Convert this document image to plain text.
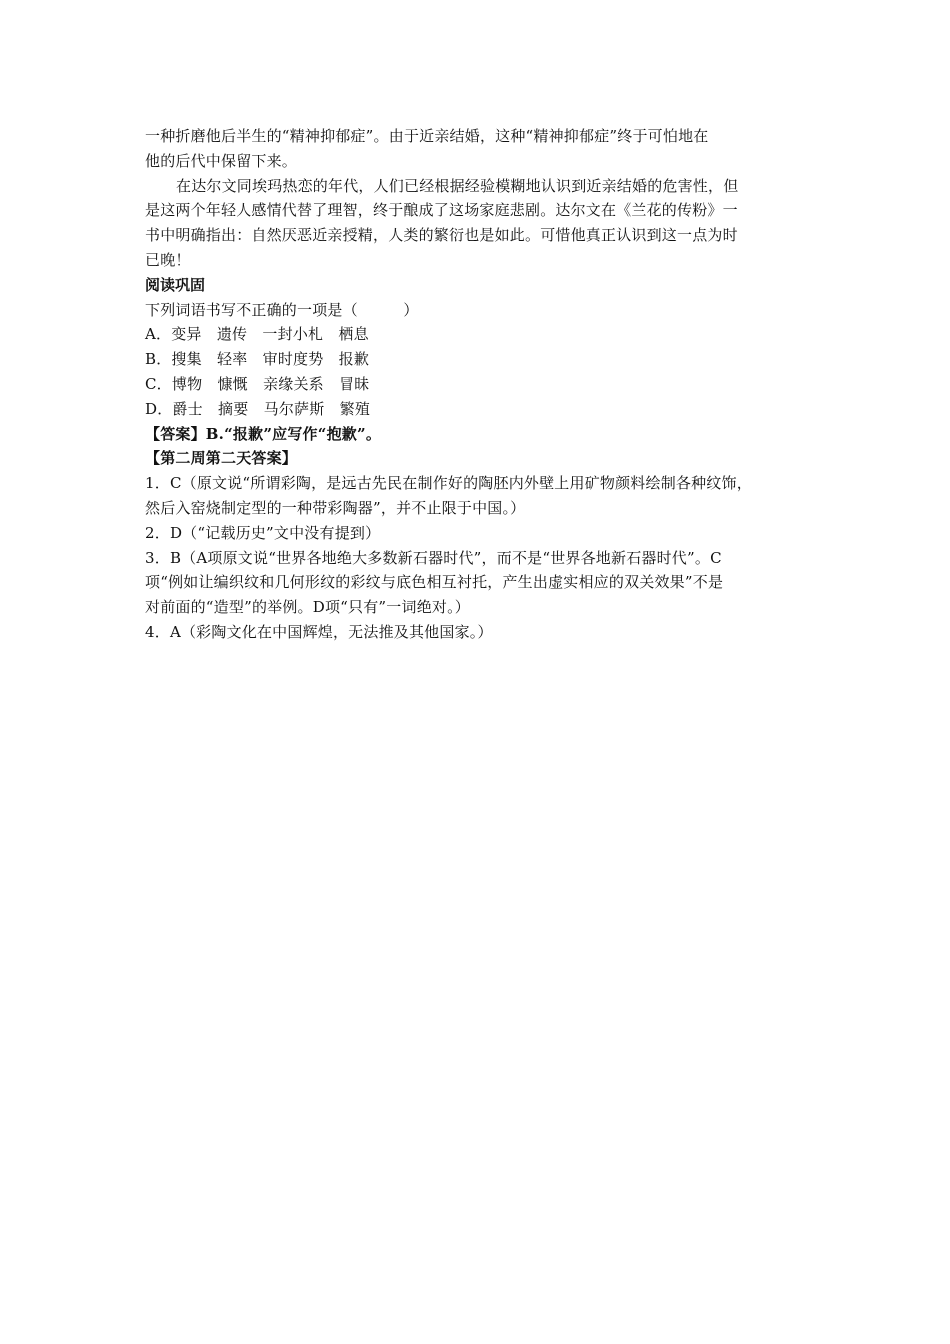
一种折磨他后半生的“精神抑郁症”。由于近亲结婚，这种“精神抑郁症”终于可怕地在
他的后代中保留下来。
在达尔文同埃玛热恋的年代，人们已经根据经验模糊地认识到近亲结婚的危害性，但
是这两个年轻人感情代替了理智，终于酿成了这场家庭悲剧。达尔文在《兰花的传粉》一
书中明确指出：自然厌恶近亲授精，人类的繁衍也是如此。可惜他真正认识到这一点为时
已晚！
阅读巩固
下列词语书写不正确的一项是（　　　）
A．变异　遗传　一封小札　栖息
B．搜集　轻率　审时度势　报歉
C．博物　慷慨　亲缘关系　冒昧
D．爵士　摘要　马尔萨斯　繁殖
【答案】B.“报歉”应写作“抱歉”。
【第二周第二天答案】
1．C（原文说“所谓彩陶，是远古先民在制作好的陶胚内外壁上用矿物颜料绘制各种纹饰，
然后入窑烧制定型的一种带彩陶器”，并不止限于中国。）
2．D（“记载历史”文中没有提到）
3．B（A项原文说“世界各地绝大多数新石器时代”，而不是“世界各地新石器时代”。C
项“例如让编织纹和几何形纹的彩纹与底色相互衬托，产生出虚实相应的双关效果”不是
对前面的“造型”的举例。D项“只有”一词绝对。）
4．A（彩陶文化在中国辉煌，无法推及其他国家。）
